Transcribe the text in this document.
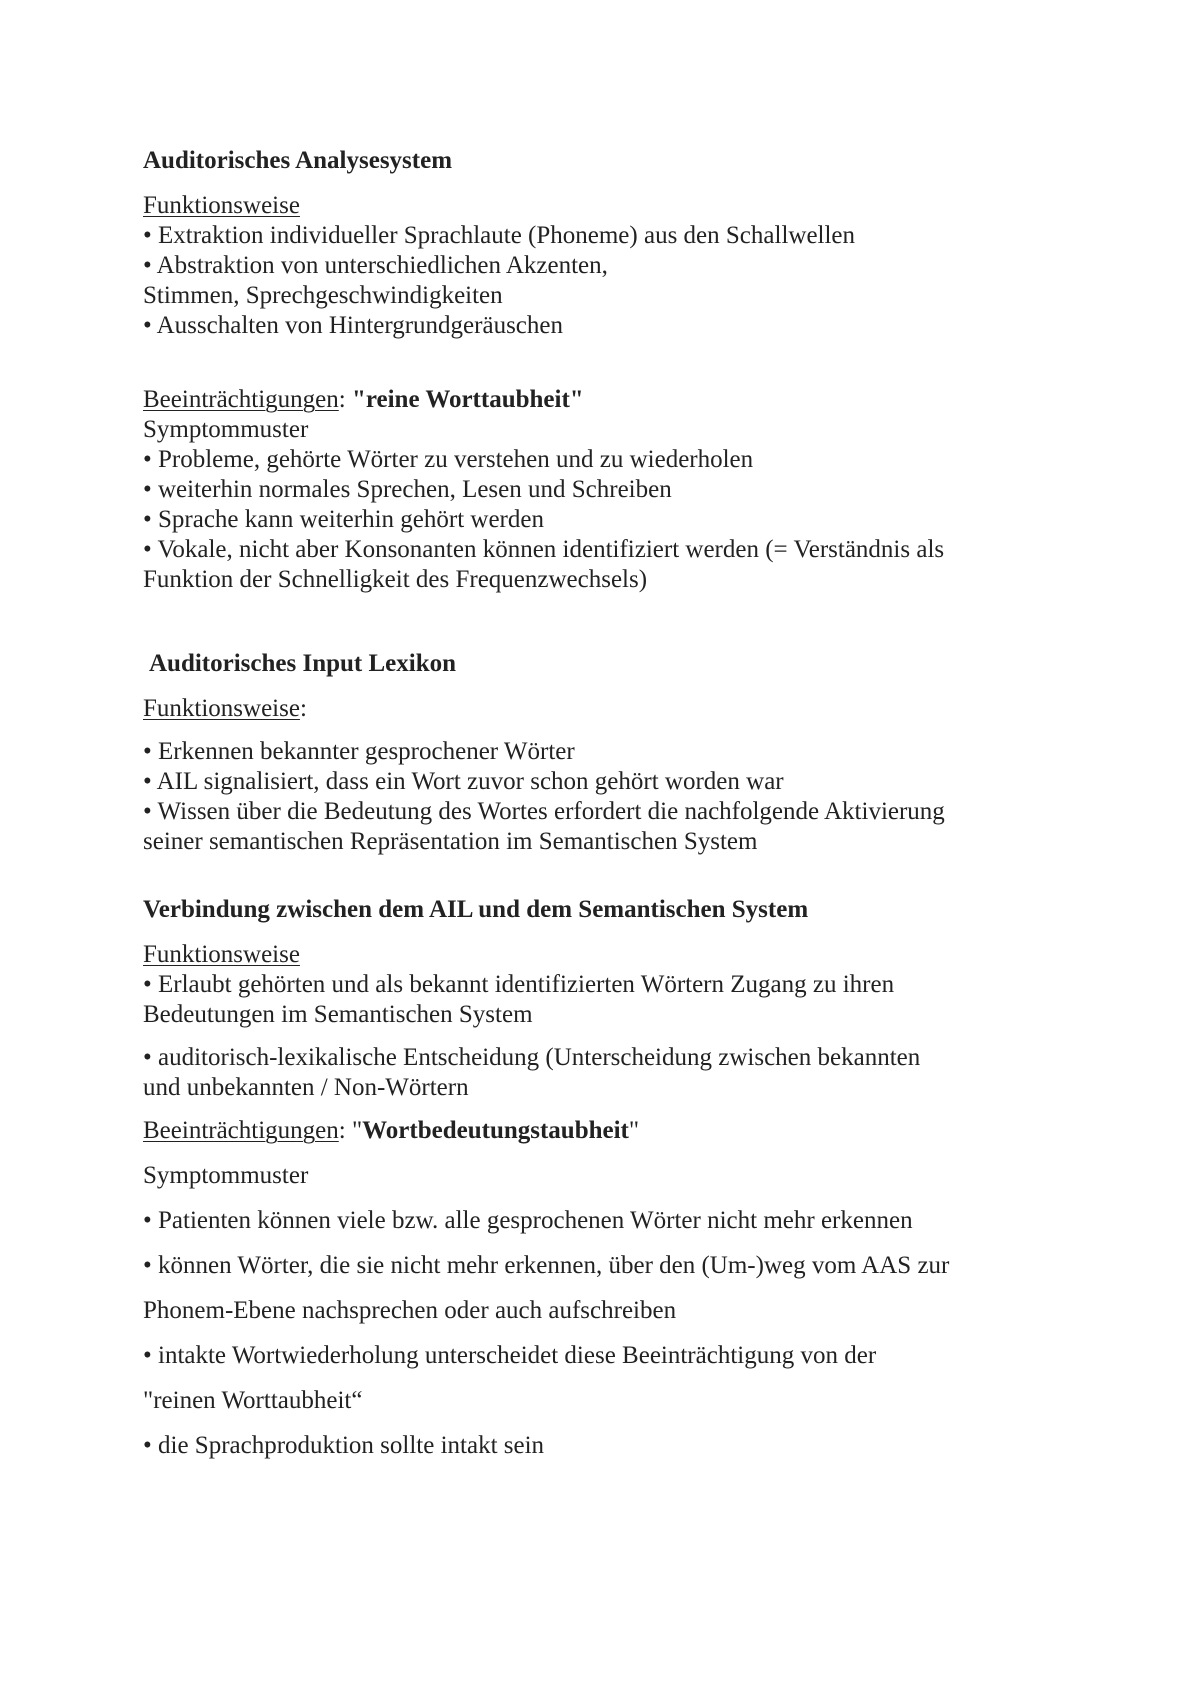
Auditorisches Analysesystem
Funktionsweise
• Extraktion individueller Sprachlaute (Phoneme) aus den Schallwellen
• Abstraktion von unterschiedlichen Akzenten,
Stimmen, Sprechgeschwindigkeiten
• Ausschalten von Hintergrundgeräuschen
Beeinträchtigungen: "reine Worttaubheit"
Symptommuster
• Probleme, gehörte Wörter zu verstehen und zu wiederholen
• weiterhin normales Sprechen, Lesen und Schreiben
• Sprache kann weiterhin gehört werden
• Vokale, nicht aber Konsonanten können identifiziert werden (= Verständnis als
Funktion der Schnelligkeit des Frequenzwechsels)
Auditorisches Input Lexikon
Funktionsweise:
• Erkennen bekannter gesprochener Wörter
• AIL signalisiert, dass ein Wort zuvor schon gehört worden war
• Wissen über die Bedeutung des Wortes erfordert die nachfolgende Aktivierung
seiner semantischen Repräsentation im Semantischen System
Verbindung zwischen dem AIL und dem Semantischen System
Funktionsweise
• Erlaubt gehörten und als bekannt identifizierten Wörtern Zugang zu ihren
Bedeutungen im Semantischen System
• auditorisch-lexikalische Entscheidung (Unterscheidung zwischen bekannten
und unbekannten / Non-Wörtern
Beeinträchtigungen: "Wortbedeutungstaubheit"
Symptommuster
• Patienten können viele bzw. alle gesprochenen Wörter nicht mehr erkennen
• können Wörter, die sie nicht mehr erkennen, über den (Um-)weg vom AAS zur
Phonem-Ebene nachsprechen oder auch aufschreiben
• intakte Wortwiederholung unterscheidet diese Beeinträchtigung von der
"reinen Worttaubheit“
• die Sprachproduktion sollte intakt sein
